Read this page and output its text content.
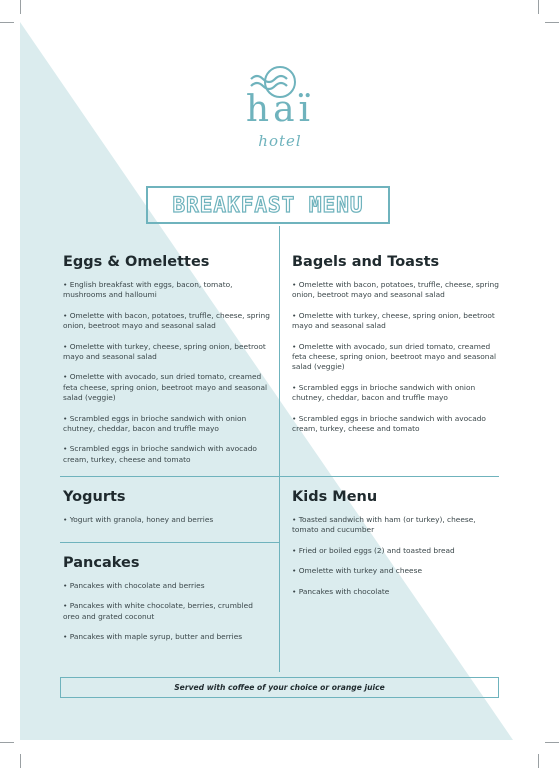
haï
hotel
BREAKFAST MENU
Eggs & Omelettes
• English breakfast with eggs, bacon, tomato, mushrooms and halloumi
• Omelette with bacon, potatoes, truffle, cheese, spring onion, beetroot mayo and seasonal salad
• Omelette with turkey, cheese, spring onion, beetroot mayo and seasonal salad
• Omelette with avocado, sun dried tomato, creamed feta cheese, spring onion, beetroot mayo and seasonal salad (veggie)
• Scrambled eggs in brioche sandwich with onion chutney, cheddar, bacon and truffle mayo
• Scrambled eggs in brioche sandwich with avocado cream, turkey, cheese and tomato
Bagels and Toasts
• Omelette with bacon, potatoes, truffle, cheese, spring onion, beetroot mayo and seasonal salad
• Omelette with turkey, cheese, spring onion, beetroot mayo and seasonal salad
• Omelette with avocado, sun dried tomato, creamed feta cheese, spring onion, beetroot mayo and seasonal salad (veggie)
• Scrambled eggs in brioche sandwich with onion chutney, cheddar, bacon and truffle mayo
• Scrambled eggs in brioche sandwich with avocado cream, turkey, cheese and tomato
Yogurts
• Yogurt with granola, honey and berries
Kids Menu
• Toasted sandwich with ham (or turkey), cheese, tomato and cucumber
• Fried or boiled eggs (2) and toasted bread
• Omelette with turkey and cheese
• Pancakes with chocolate
Pancakes
• Pancakes with chocolate and berries
• Pancakes with white chocolate, berries, crumbled oreo and grated coconut
• Pancakes with maple syrup, butter and berries
Served with coffee of your choice or orange juice
